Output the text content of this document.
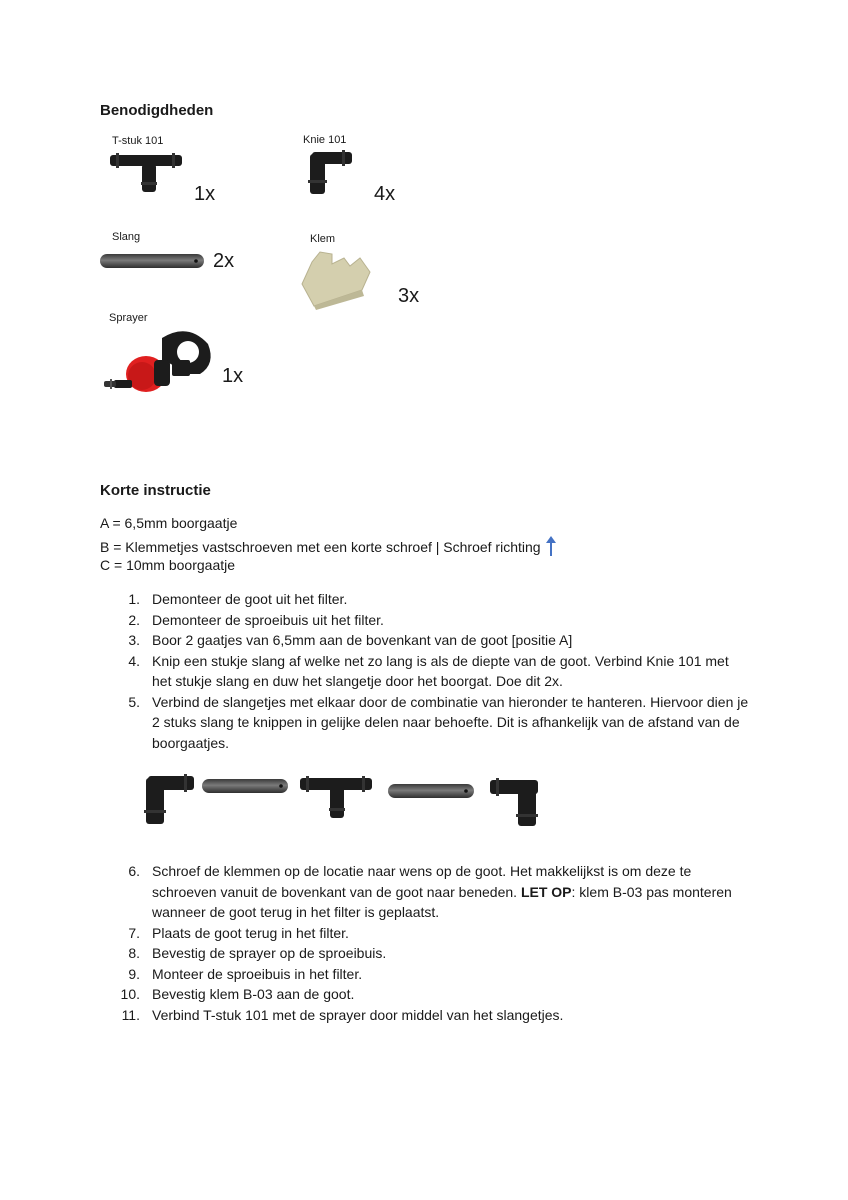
Benodigdheden
T-stuk 101
1x
Knie 101
4x
Slang
2x
Klem
3x
Sprayer
1x
Korte instructie
A = 6,5mm boorgaatje
B = Klemmetjes vastschroeven met een korte schroef | Schroef richting
C = 10mm boorgaatje
1. Demonteer de goot uit het filter.
2. Demonteer de sproeibuis uit het filter.
3. Boor 2 gaatjes van 6,5mm aan de bovenkant van de goot [positie A]
4. Knip een stukje slang af welke net zo lang is als de diepte van de goot. Verbind Knie 101 met het stukje slang en duw het slangetje door het boorgat. Doe dit 2x.
5. Verbind de slangetjes met elkaar door de combinatie van hieronder te hanteren. Hiervoor dien je 2 stuks slang te knippen in gelijke delen naar behoefte. Dit is afhankelijk van de afstand van de boorgaatjes.
6. Schroef de klemmen op de locatie naar wens op de goot. Het makkelijkst is om deze te schroeven vanuit de bovenkant van de goot naar beneden. LET OP: klem B-03 pas monteren wanneer de goot terug in het filter is geplaatst.
7. Plaats de goot terug in het filter.
8. Bevestig de sprayer op de sproeibuis.
9. Monteer de sproeibuis in het filter.
10. Bevestig klem B-03 aan de goot.
11. Verbind T-stuk 101 met de sprayer door middel van het slangetjes.
